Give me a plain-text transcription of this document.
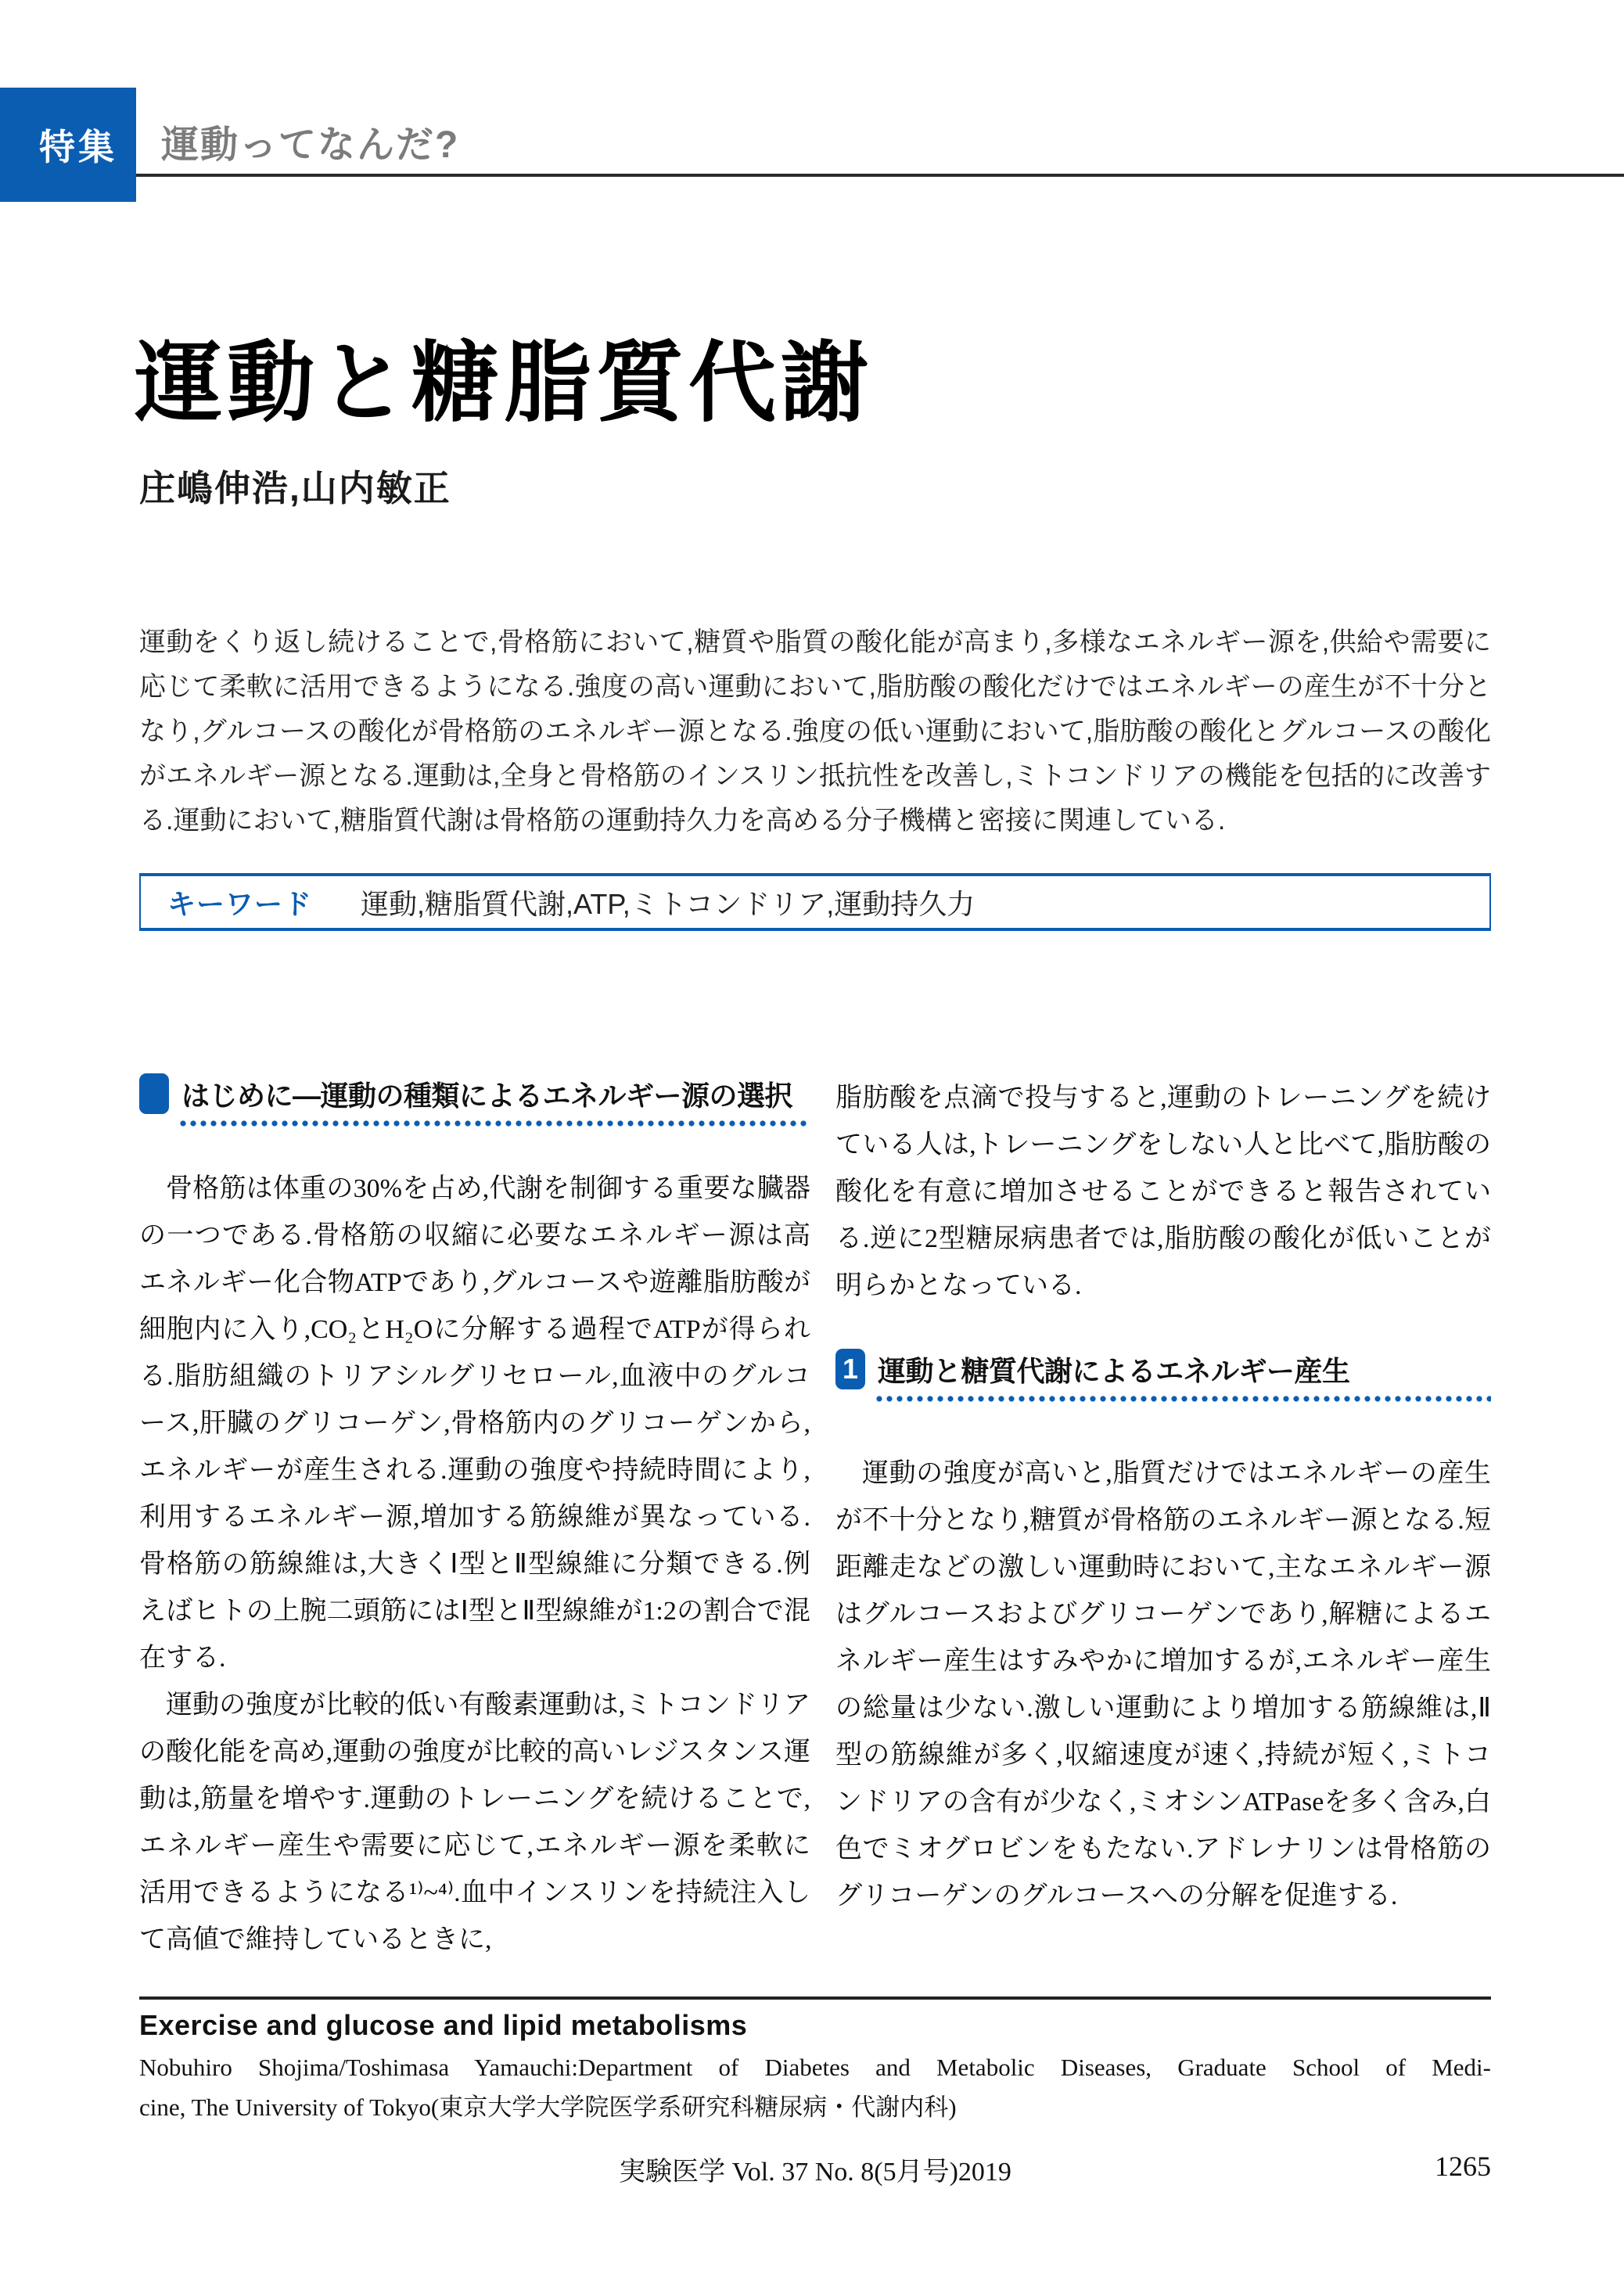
特集 運動ってなんだ?
運動と糖脂質代謝
庄嶋伸浩,山内敏正
運動をくり返し続けることで,骨格筋において,糖質や脂質の酸化能が高まり,多様なエネルギー源を,供給や需要に応じて柔軟に活用できるようになる.強度の高い運動において,脂肪酸の酸化だけではエネルギーの産生が不十分となり,グルコースの酸化が骨格筋のエネルギー源となる.強度の低い運動において,脂肪酸の酸化とグルコースの酸化がエネルギー源となる.運動は,全身と骨格筋のインスリン抵抗性を改善し,ミトコンドリアの機能を包括的に改善する.運動において,糖脂質代謝は骨格筋の運動持久力を高める分子機構と密接に関連している.
キーワード 運動,糖脂質代謝,ATP,ミトコンドリア,運動持久力
はじめに―運動の種類によるエネルギー源の選択

骨格筋は体重の30%を占め,代謝を制御する重要な臓器の一つである.骨格筋の収縮に必要なエネルギー源は高エネルギー化合物ATPであり,グルコースや遊離脂肪酸が細胞内に入り,CO₂とH₂Oに分解する過程でATPが得られる.脂肪組織のトリアシルグリセロール,血液中のグルコース,肝臓のグリコーゲン,骨格筋内のグリコーゲンから,エネルギーが産生される.運動の強度や持続時間により,利用するエネルギー源,増加する筋線維が異なっている.骨格筋の筋線維は,大きくⅠ型とⅡ型線維に分類できる.例えばヒトの上腕二頭筋にはⅠ型とⅡ型線維が1:2の割合で混在する.

運動の強度が比較的低い有酸素運動は,ミトコンドリアの酸化能を高め,運動の強度が比較的高いレジスタンス運動は,筋量を増やす.運動のトレーニングを続けることで,エネルギー産生や需要に応じて,エネルギー源を柔軟に活用できるようになる¹⁾~⁴⁾.血中インスリンを持続注入して高値で維持しているときに,

脂肪酸を点滴で投与すると,運動のトレーニングを続けている人は,トレーニングをしない人と比べて,脂肪酸の酸化を有意に増加させることができると報告されている.逆に2型糖尿病患者では,脂肪酸の酸化が低いことが明らかとなっている.

1 運動と糖質代謝によるエネルギー産生

運動の強度が高いと,脂質だけではエネルギーの産生が不十分となり,糖質が骨格筋のエネルギー源となる.短距離走などの激しい運動時において,主なエネルギー源はグルコースおよびグリコーゲンであり,解糖によるエネルギー産生はすみやかに増加するが,エネルギー産生の総量は少ない.激しい運動により増加する筋線維は,Ⅱ型の筋線維が多く,収縮速度が速く,持続が短く,ミトコンドリアの含有が少なく,ミオシンATPaseを多く含み,白色でミオグロビンをもたない.アドレナリンは骨格筋のグリコーゲンのグルコースへの分解を促進する.

Exercise and glucose and lipid metabolisms
Nobuhiro Shojima/Toshimasa Yamauchi:Department of Diabetes and Metabolic Diseases, Graduate School of Medi-
cine, The University of Tokyo(東京大学大学院医学系研究科糖尿病・代謝内科)
実験医学 Vol. 37 No. 8(5月号)2019	1265
